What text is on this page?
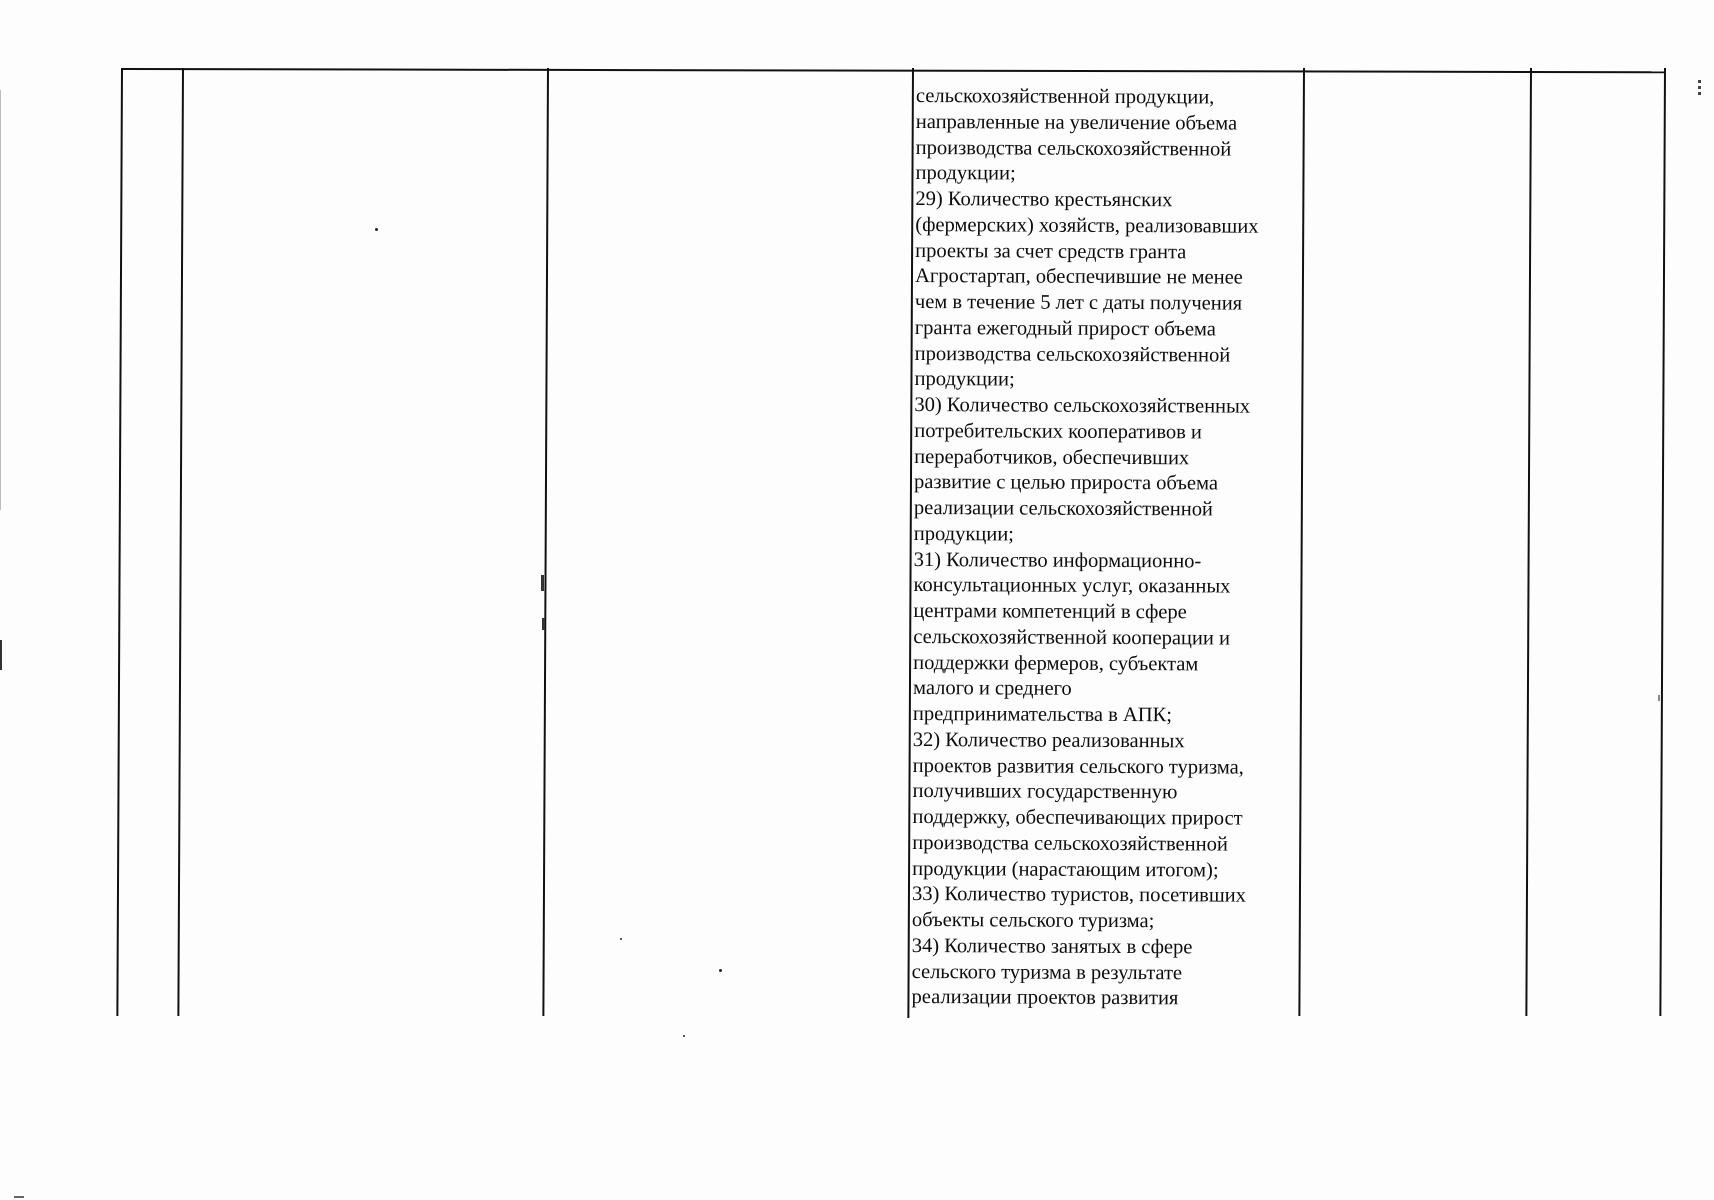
сельскохозяйственной продукции,
направленные на увеличение объема
производства сельскохозяйственной
продукции;
29) Количество крестьянских
(фермерских) хозяйств, реализовавших
проекты за счет средств гранта
Агростартап, обеспечившие не менее
чем в течение 5 лет с даты получения
гранта ежегодный прирост объема
производства сельскохозяйственной
продукции;
30) Количество сельскохозяйственных
потребительских кооперативов и
переработчиков, обеспечивших
развитие с целью прироста объема
реализации сельскохозяйственной
продукции;
31) Количество информационно-
консультационных услуг, оказанных
центрами компетенций в сфере
сельскохозяйственной кооперации и
поддержки фермеров, субъектам
малого и среднего
предпринимательства в АПК;
32) Количество реализованных
проектов развития сельского туризма,
получивших государственную
поддержку, обеспечивающих прирост
производства сельскохозяйственной
продукции (нарастающим итогом);
33) Количество туристов, посетивших
объекты сельского туризма;
34) Количество занятых в сфере
сельского туризма в результате
реализации проектов развития
